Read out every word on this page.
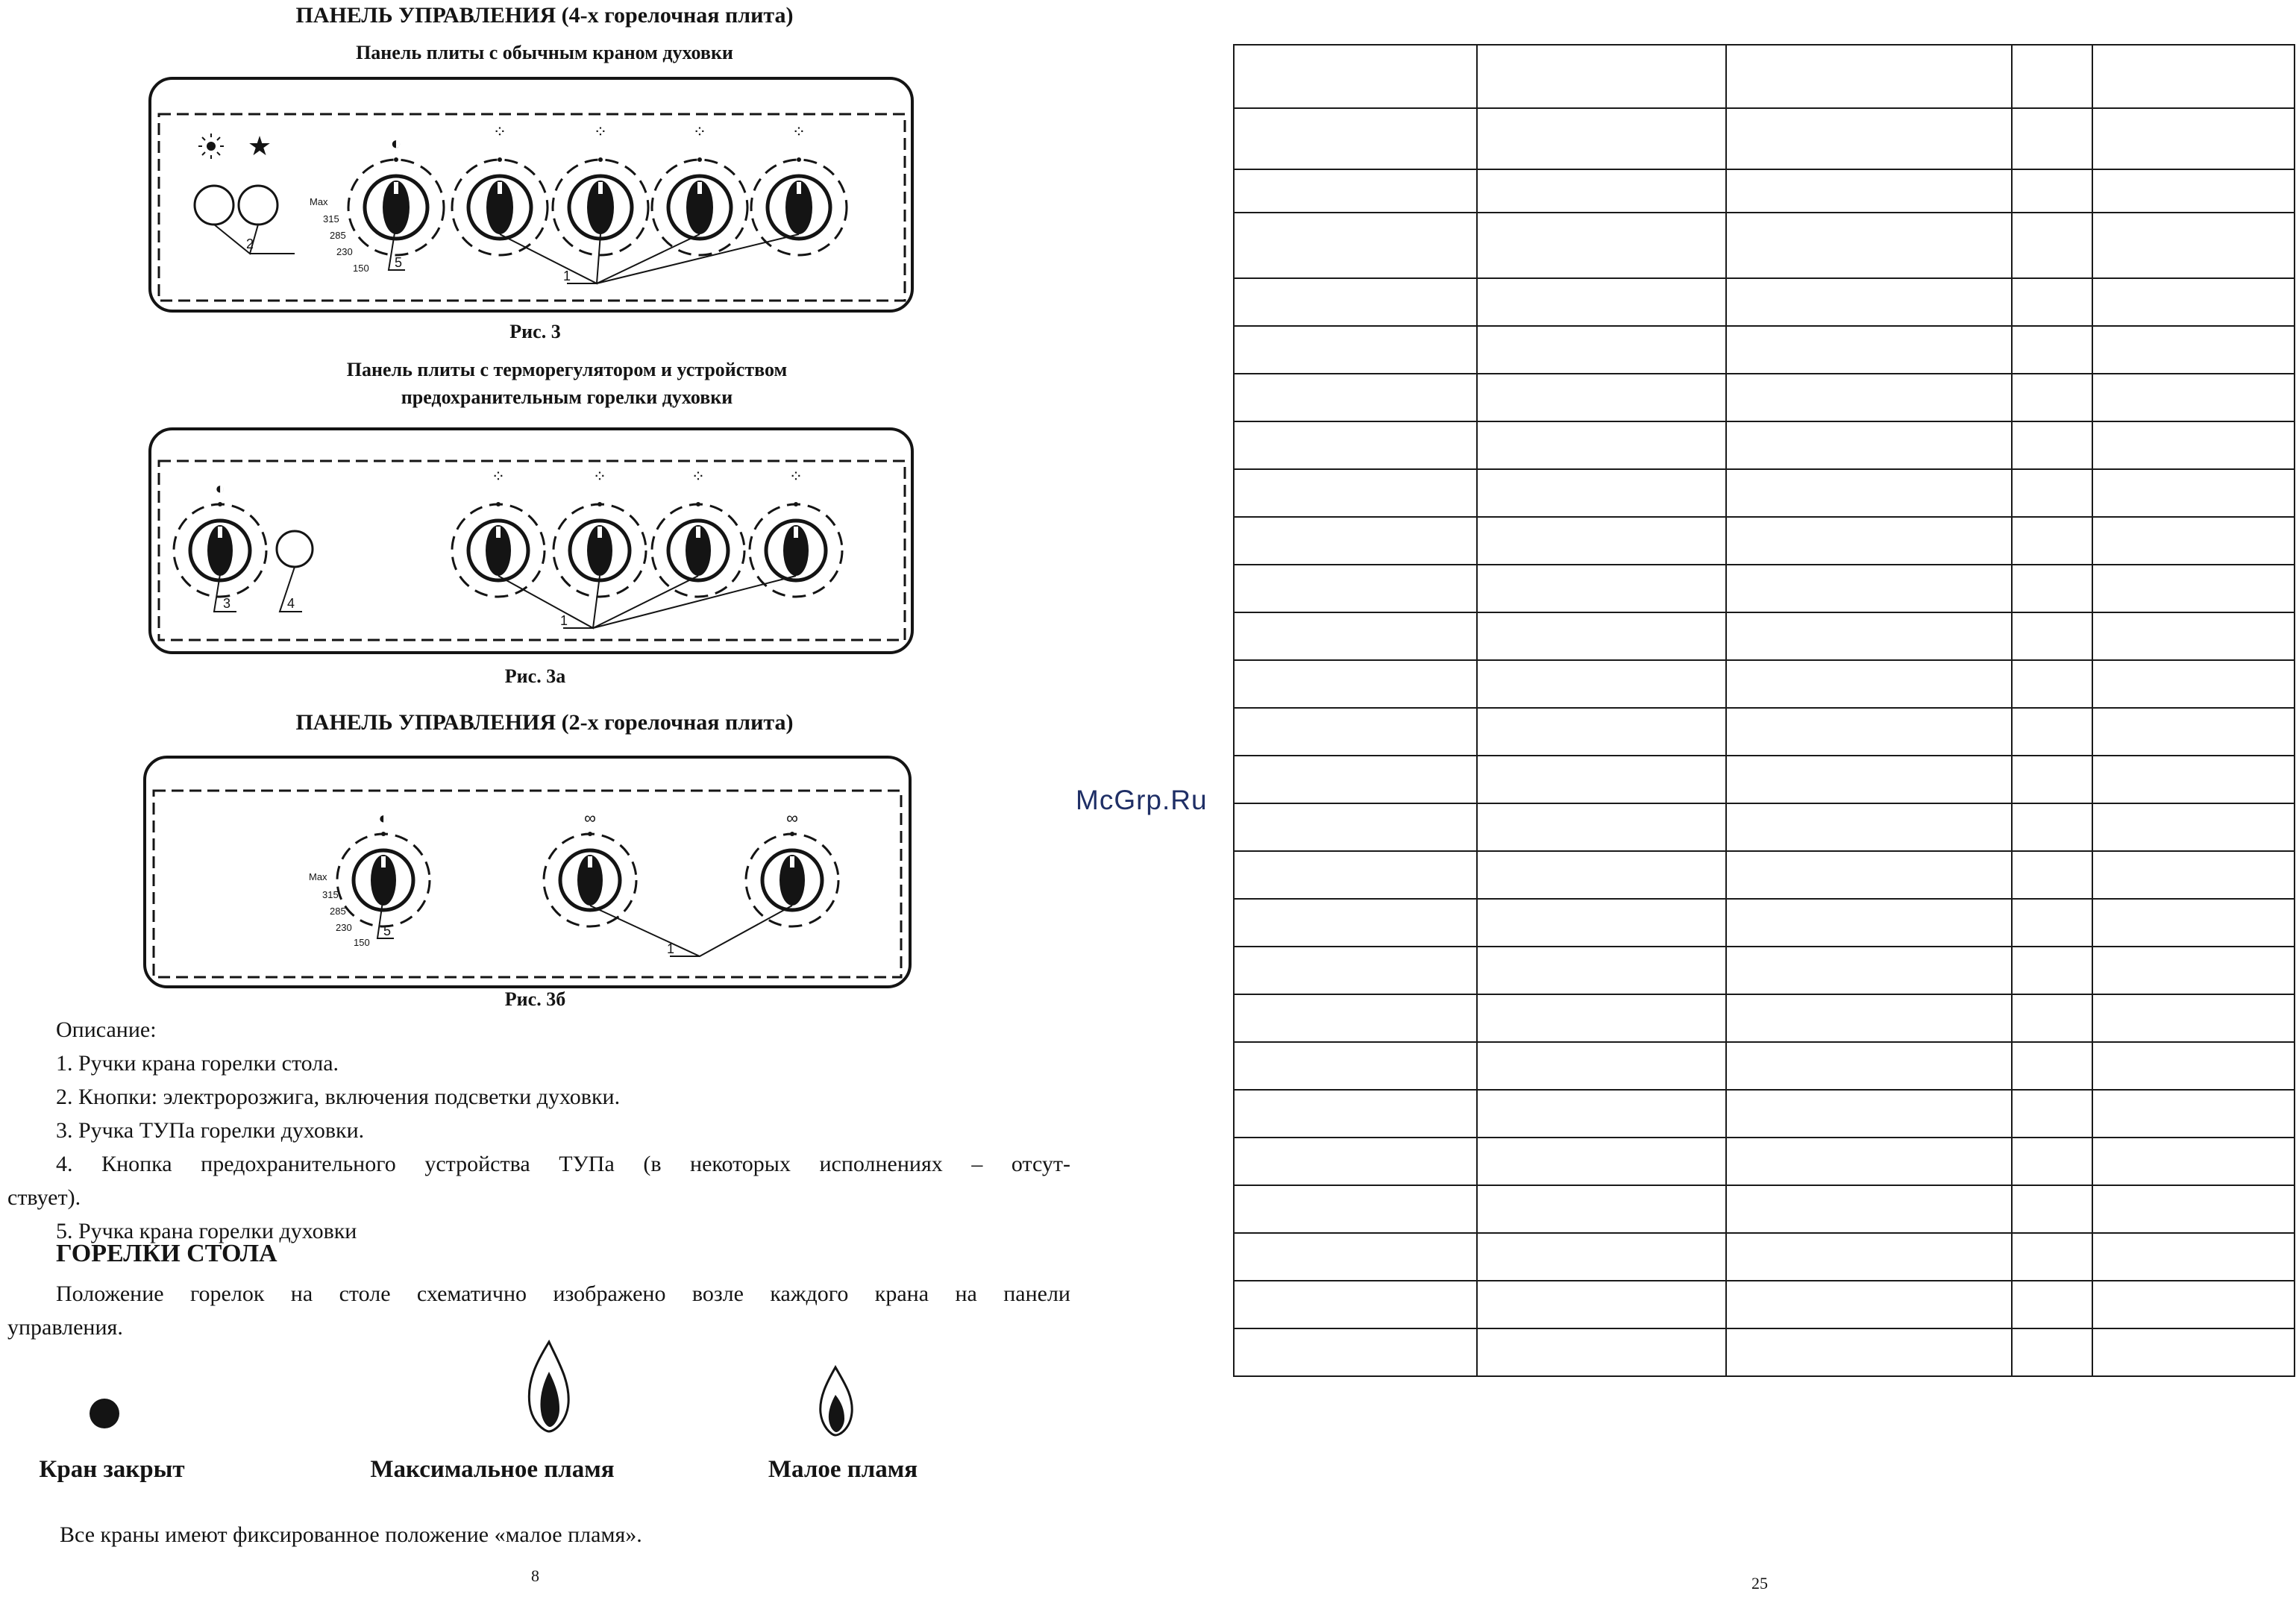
ПАНЕЛЬ УПРАВЛЕНИЯ (4-х горелочная плита)
Панель плиты с обычным краном духовки
★
2
◐
Max
315
285
230
150 5
⁘	⁘	⁘	⁘
1
Рис. 3
Панель плиты с термoрегулятором и устройством
предохранительным горелки духовки
◐
3	4
⁘	⁘	⁘	⁘
1
Рис. 3а
ПАНЕЛЬ УПРАВЛЕНИЯ (2-х горелочная плита)
◐
Max
315
285
230
150
5
∞	∞
1
Рис. 3б
Описание:
1. Ручки крана горелки стола.
2. Кнопки: электророзжига, включения подсветки духовки.
3. Ручка ТУПа горелки духовки.
4. Кнопка предохранительного устройства ТУПа (в некоторых исполнениях – отсут-
ствует).
5. Ручка крана горелки духовки
ГОРЕЛКИ СТОЛА
Положение горелок на столе схематично изображено возле каждого крана на панели
управления.
Кран закрыт	Максимальное пламя	Малое пламя
Все краны имеют фиксированное положение «малое пламя».
8
McGrp.Ru

25
